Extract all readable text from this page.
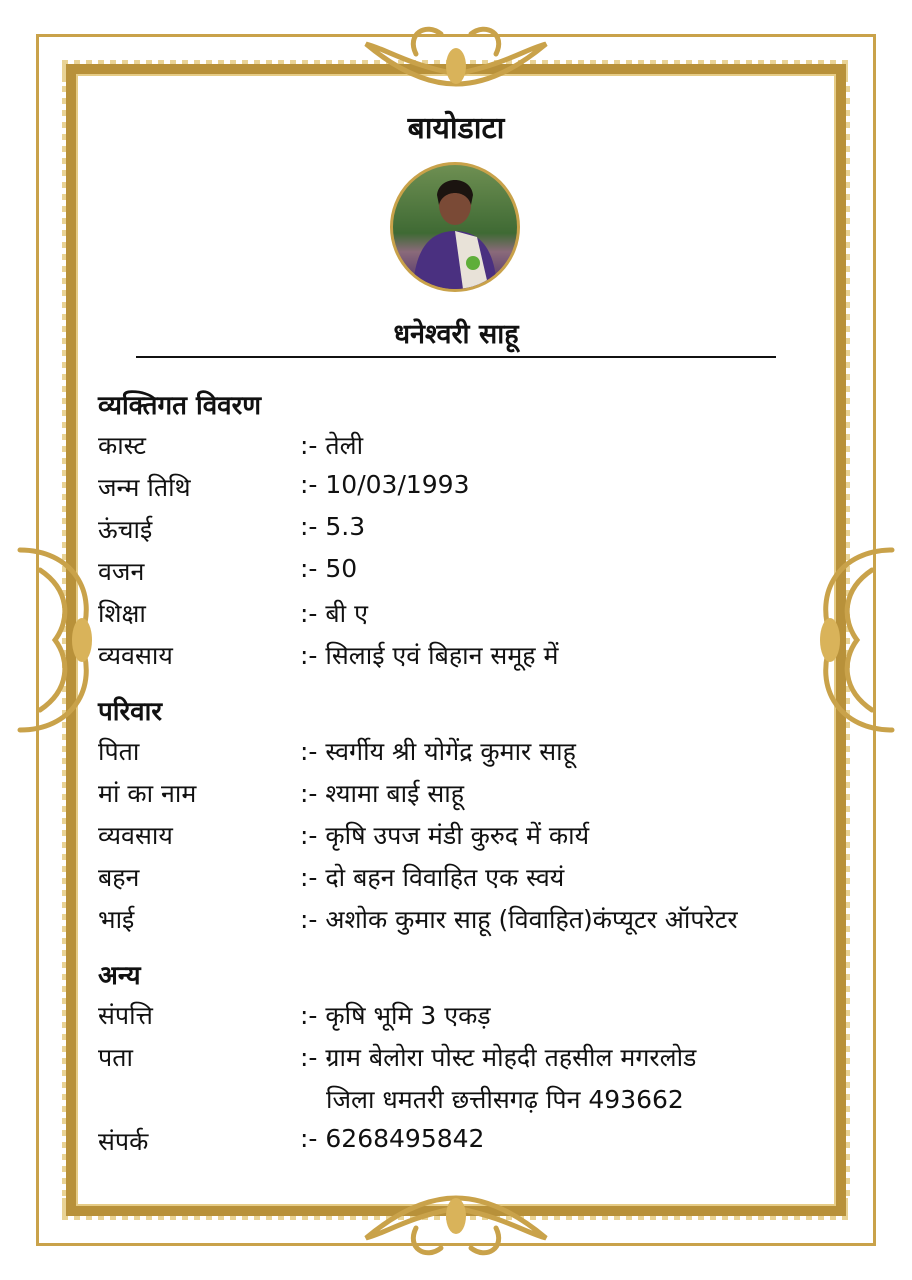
बायोडाटा
धनेश्वरी साहू
व्यक्तिगत विवरण
कास्ट	:- तेली
जन्म तिथि	:- 10/03/1993
ऊंचाई	:- 5.3
वजन	:- 50
शिक्षा	:- बी ए
व्यवसाय	:- सिलाई एवं बिहान समूह में
परिवार
पिता	:- स्वर्गीय श्री योगेंद्र कुमार साहू
मां का नाम	:- श्यामा बाई साहू
व्यवसाय	:- कृषि उपज मंडी कुरुद में कार्य
बहन	:- दो बहन विवाहित एक स्वयं
भाई	:- अशोक कुमार साहू (विवाहित)कंप्यूटर ऑपरेटर
अन्य
संपत्ति	:- कृषि भूमि 3 एकड़
पता	:- ग्राम बेलोरा पोस्ट मोहदी तहसील मगरलोड
जिला धमतरी छत्तीसगढ़ पिन 493662
संपर्क	:- 6268495842
